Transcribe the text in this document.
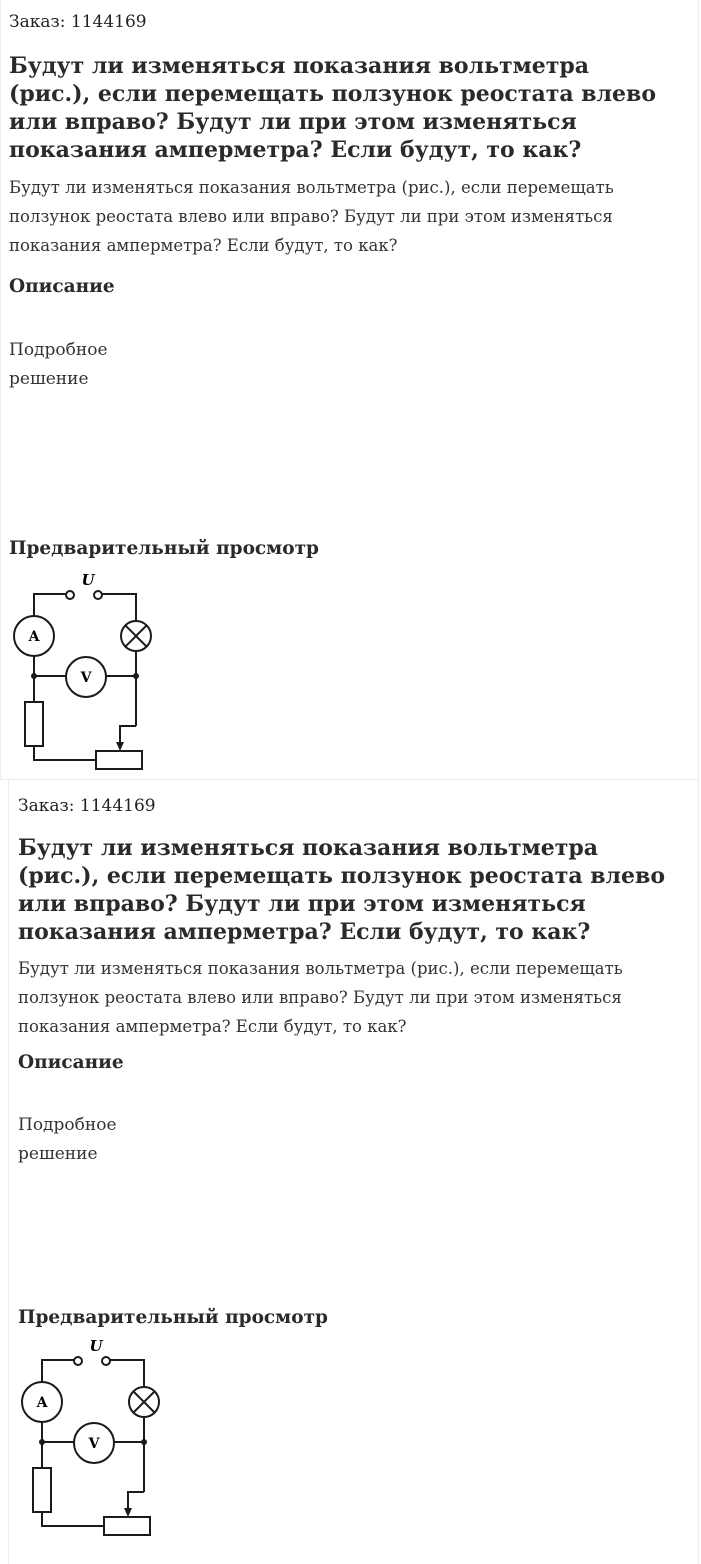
Заказ: 1144169
Будут ли изменяться показания вольтметра (рис.), если перемещать ползунок реостата влево или вправо? Будут ли при этом изменяться показания амперметра? Если будут, то как?

Будут ли изменяться показания вольтметра (рис.), если перемещать ползунок реостата влево или вправо? Будут ли при этом изменяться показания амперметра? Если будут, то как?

Описание
Подробное
решение
Предварительный просмотр
U
A
V
Заказ: 1144169
Будут ли изменяться показания вольтметра (рис.), если перемещать ползунок реостата влево или вправо? Будут ли при этом изменяться показания амперметра? Если будут, то как?

Будут ли изменяться показания вольтметра (рис.), если перемещать ползунок реостата влево или вправо? Будут ли при этом изменяться показания амперметра? Если будут, то как?

Описание
Подробное
решение
Предварительный просмотр
U
A
V
